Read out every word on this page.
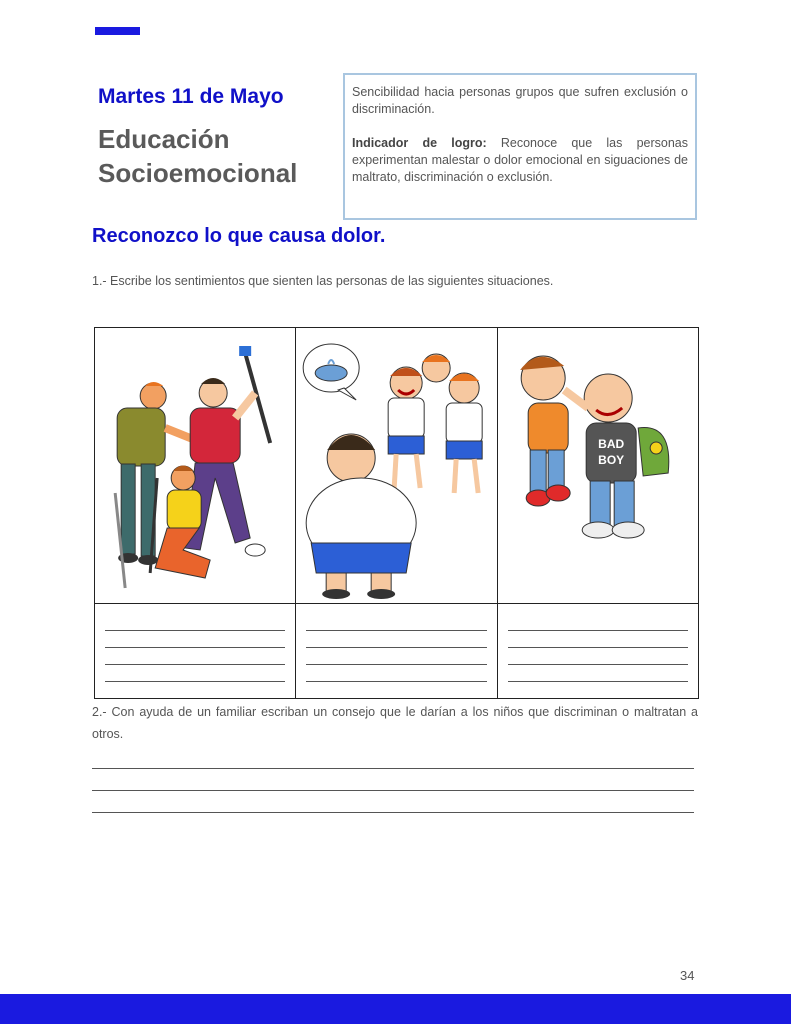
Martes 11 de Mayo
Educación
Socioemocional

Sencibilidad hacia personas grupos que sufren exclusión o discriminación.

Indicador de logro: Reconoce que las personas experimentan malestar o dolor emocional en siguaciones de maltrato, discriminación o exclusión.

Reconozco lo que causa dolor.
1.- Escribe los sentimientos que sienten las personas de las siguientes situaciones.

BAD
BOY

2.- Con ayuda de un familiar escriban un consejo que le darían a los niños que discriminan o maltratan a otros.
34
